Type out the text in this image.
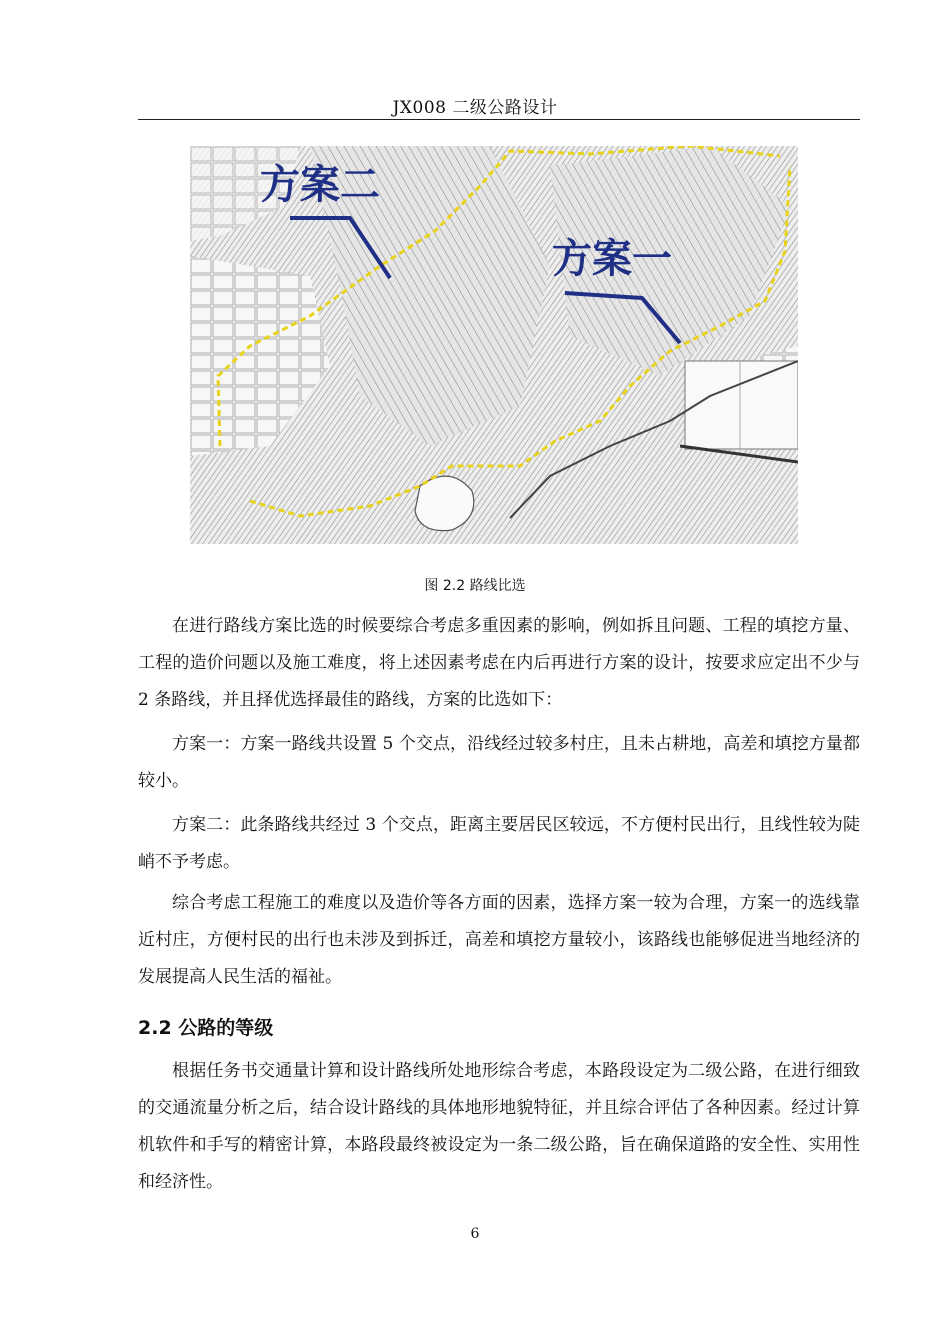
JX008 二级公路设计
方案二
方案一
图 2.2 路线比选

在进行路线方案比选的时候要综合考虑多重因素的影响，例如拆且问题、工程的填挖方量、工程的造价问题以及施工难度，将上述因素考虑在内后再进行方案的设计，按要求应定出不少与 2 条路线，并且择优选择最佳的路线，方案的比选如下：

方案一：方案一路线共设置 5 个交点，沿线经过较多村庄，且未占耕地，高差和填挖方量都较小。

方案二：此条路线共经过 3 个交点，距离主要居民区较远，不方便村民出行，且线性较为陡峭不予考虑。

综合考虑工程施工的难度以及造价等各方面的因素，选择方案一较为合理，方案一的选线靠近村庄，方便村民的出行也未涉及到拆迁，高差和填挖方量较小，该路线也能够促进当地经济的发展提高人民生活的福祉。

2.2 公路的等级

根据任务书交通量计算和设计路线所处地形综合考虑，本路段设定为二级公路，在进行细致的交通流量分析之后，结合设计路线的具体地形地貌特征，并且综合评估了各种因素。经过计算机软件和手写的精密计算，本路段最终被设定为一条二级公路，旨在确保道路的安全性、实用性和经济性。

6
